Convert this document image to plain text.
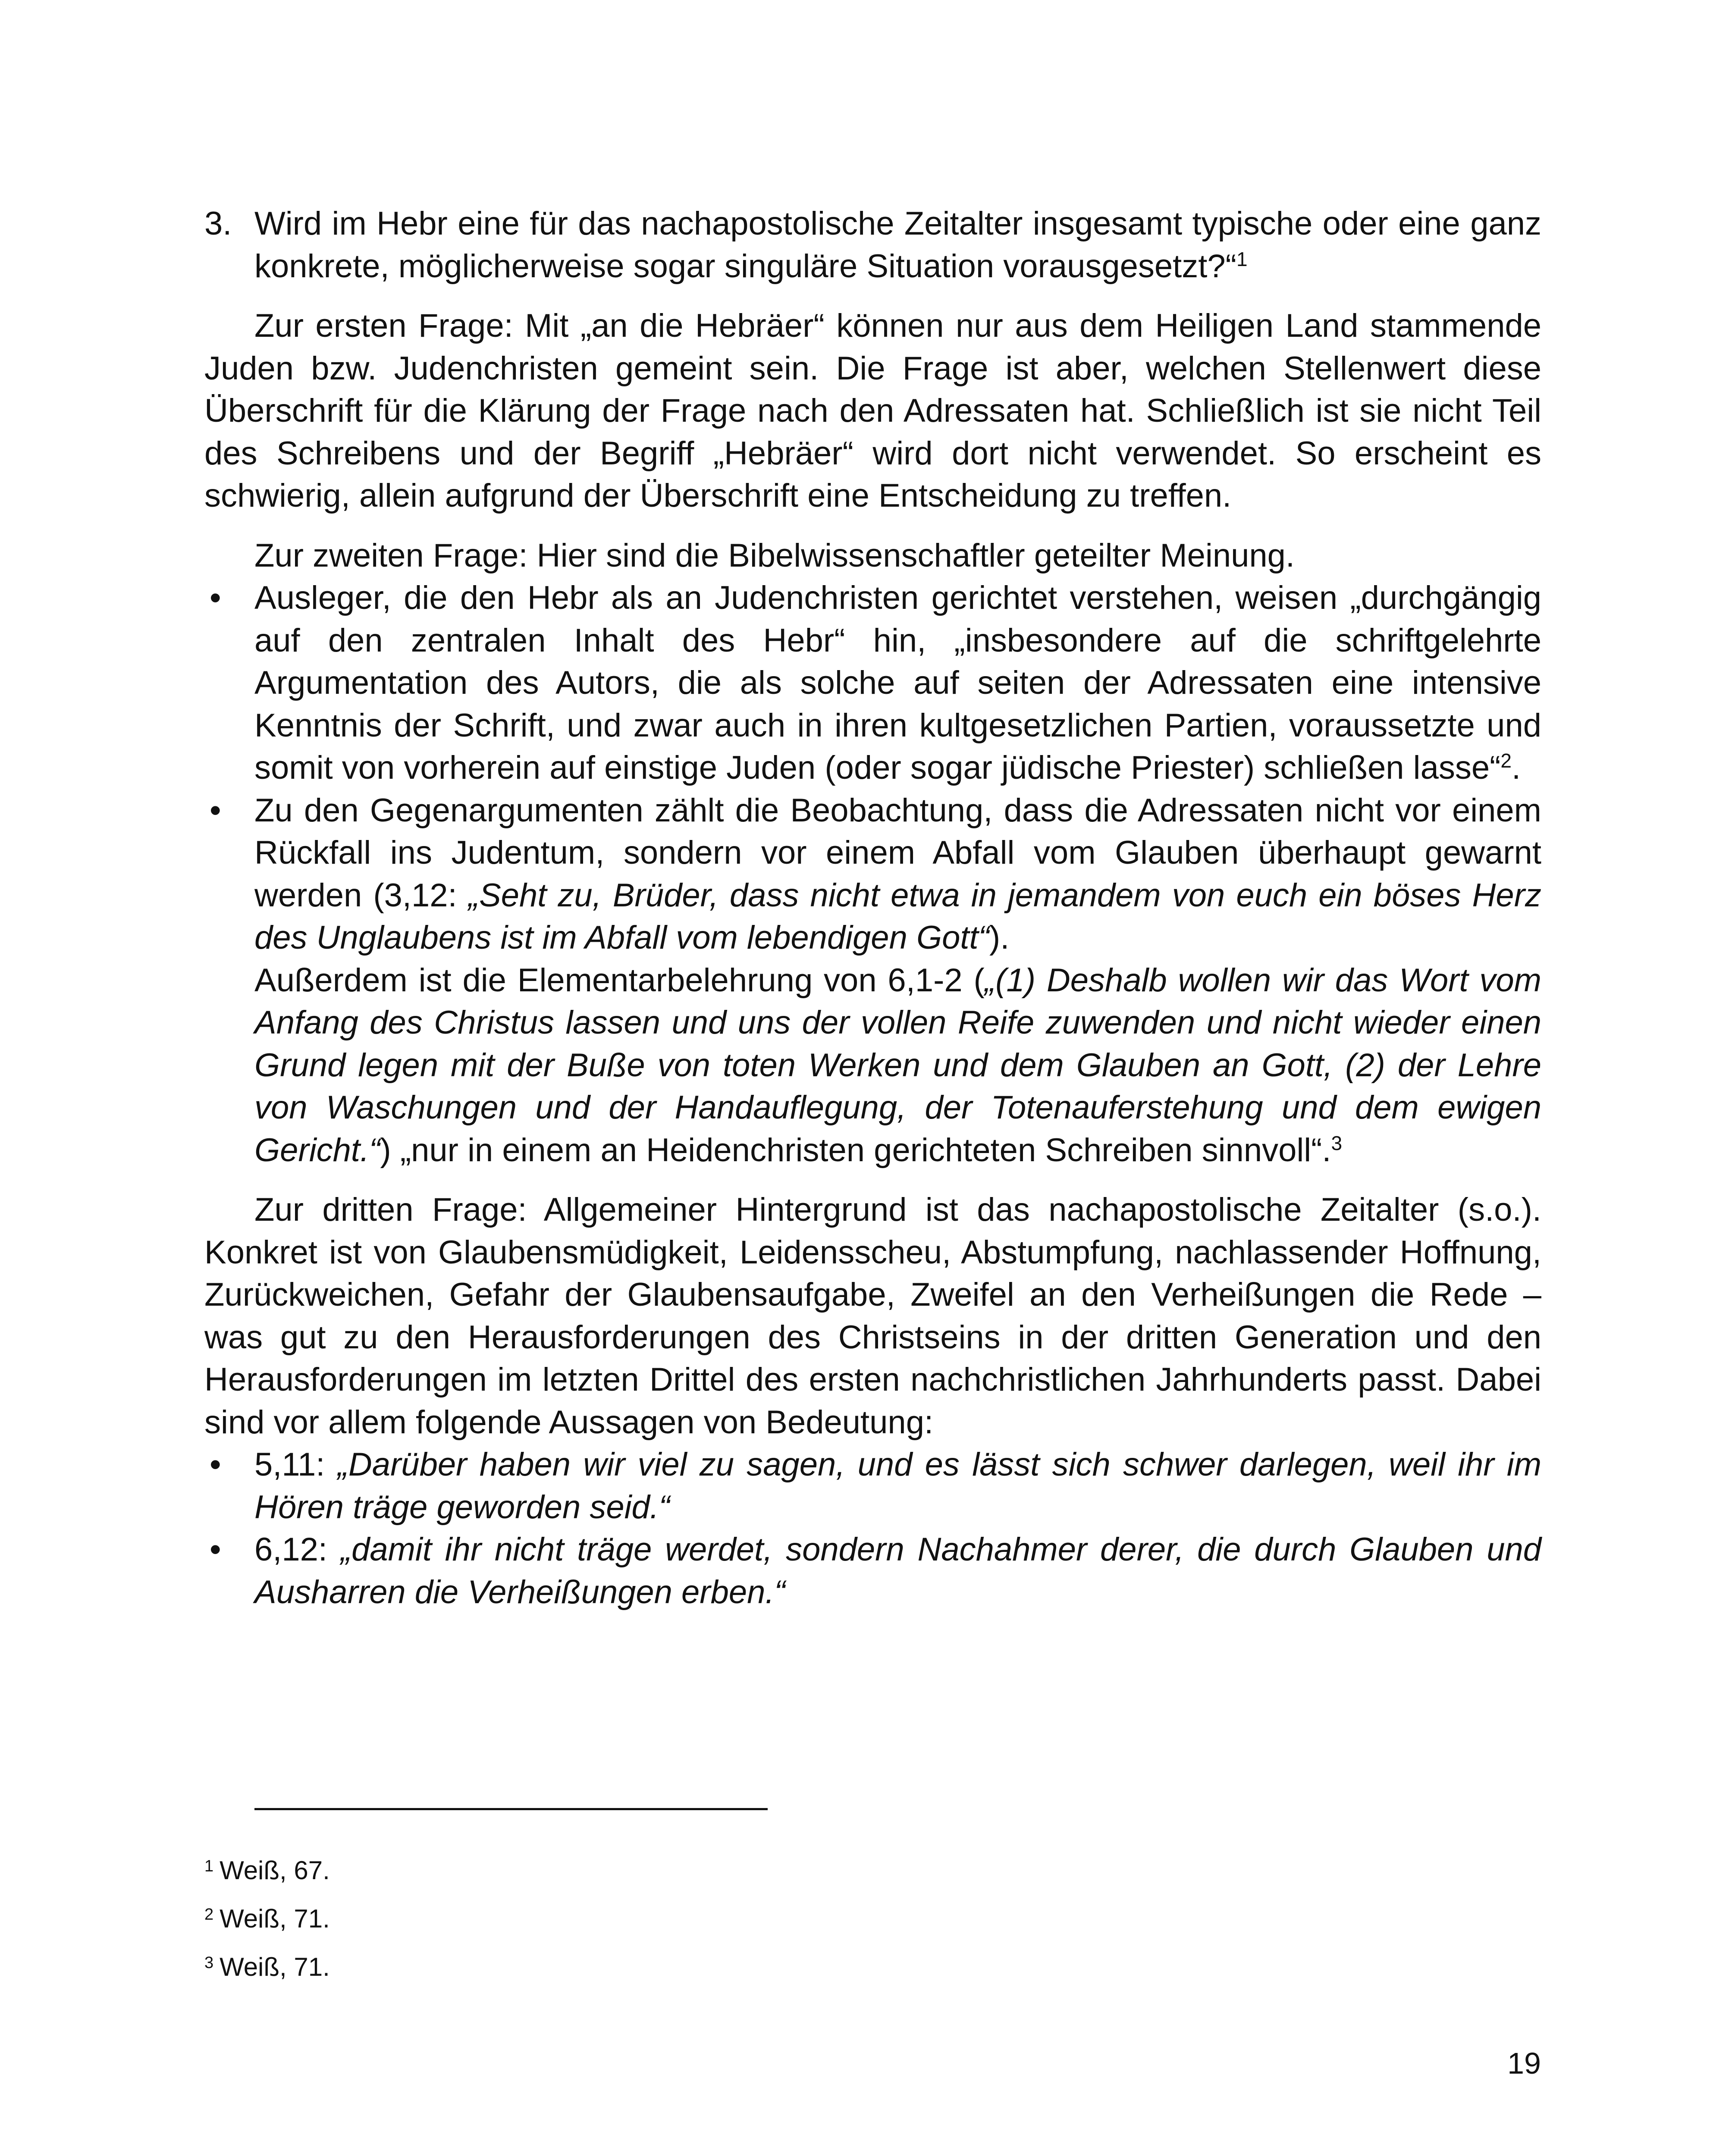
3. Wird im Hebr eine für das nachapostolische Zeitalter insgesamt typische oder eine ganz konkrete, möglicherweise sogar singuläre Situation vorausgesetzt?“$^1$

Zur ersten Frage: Mit „an die Hebräer“ können nur aus dem Heiligen Land stammende Juden bzw. Judenchristen gemeint sein. Die Frage ist aber, welchen Stellenwert diese Überschrift für die Klärung der Frage nach den Adressaten hat. Schließlich ist sie nicht Teil des Schreibens und der Begriff „Hebräer“ wird dort nicht verwendet. So erscheint es schwierig, allein aufgrund der Überschrift eine Entscheidung zu treffen.

Zur zweiten Frage: Hier sind die Bibelwissenschaftler geteilter Meinung.

• Ausleger, die den Hebr als an Judenchristen gerichtet verstehen, weisen „durchgängig auf den zentralen Inhalt des Hebr“ hin, „insbesondere auf die schriftgelehrte Argumentation des Autors, die als solche auf seiten der Adressaten eine intensive Kenntnis der Schrift, und zwar auch in ihren kultgesetzlichen Partien, voraussetzte und somit von vorherein auf einstige Juden (oder sogar jüdische Priester) schließen lasse“$^2$.
• Zu den Gegenargumenten zählt die Beobachtung, dass die Adressaten nicht vor einem Rückfall ins Judentum, sondern vor einem Abfall vom Glauben überhaupt gewarnt werden (3,12: „Seht zu, Brüder, dass nicht etwa in jemandem von euch ein böses Herz des Unglaubens ist im Abfall vom lebendigen Gott“).

Außerdem ist die Elementarbelehrung von 6,1-2 („(1) Deshalb wollen wir das Wort vom Anfang des Christus lassen und uns der vollen Reife zuwenden und nicht wieder einen Grund legen mit der Buße von toten Werken und dem Glauben an Gott, (2) der Lehre von Waschungen und der Handauflegung, der Totenauferstehung und dem ewigen Gericht.“) „nur in einem an Heidenchristen gerichteten Schreiben sinnvoll“.$^3$

Zur dritten Frage: Allgemeiner Hintergrund ist das nachapostolische Zeitalter (s.o.). Konkret ist von Glaubensmüdigkeit, Leidensscheu, Abstumpfung, nachlassender Hoffnung, Zurückweichen, Gefahr der Glaubensaufgabe, Zweifel an den Verheißungen die Rede – was gut zu den Herausforderungen des Christseins in der dritten Generation und den Herausforderungen im letzten Drittel des ersten nachchristlichen Jahrhunderts passt. Dabei sind vor allem folgende Aussagen von Bedeutung:

• 5,11: „Darüber haben wir viel zu sagen, und es lässt sich schwer darlegen, weil ihr im Hören träge geworden seid.“
• 6,12: „damit ihr nicht träge werdet, sondern Nachahmer derer, die durch Glauben und Ausharren die Verheißungen erben.“
$^1$ Weiß, 67.
$^2$ Weiß, 71.
$^3$ Weiß, 71.
19
